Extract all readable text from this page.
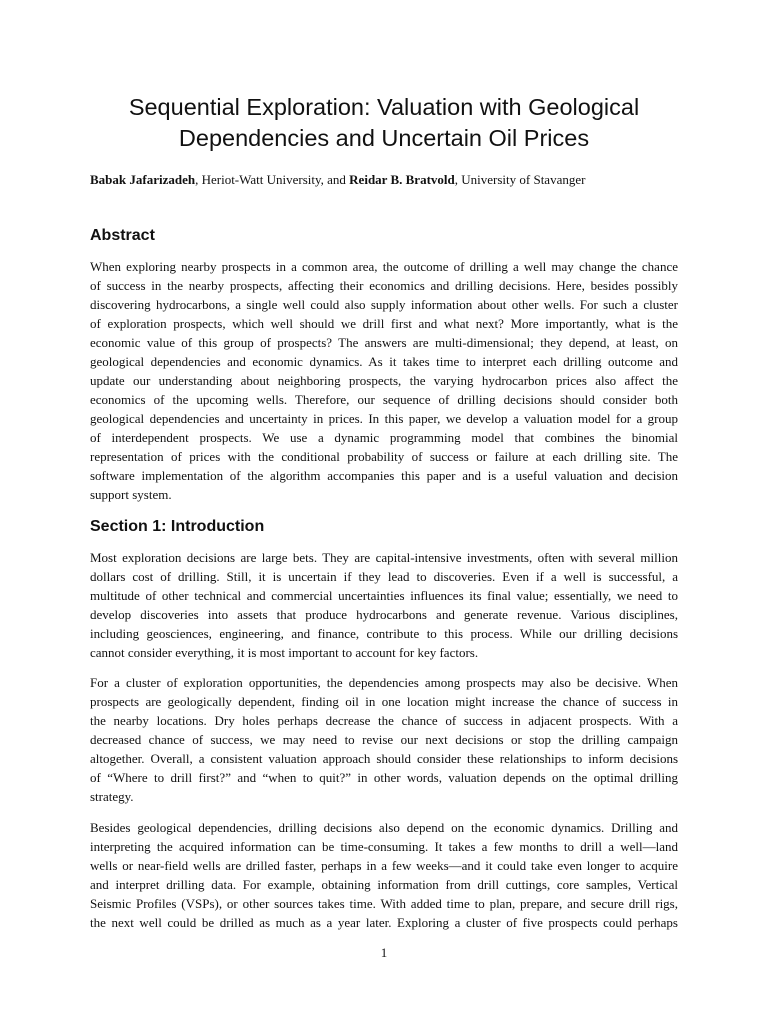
Sequential Exploration: Valuation with Geological
Dependencies and Uncertain Oil Prices

Babak Jafarizadeh, Heriot-Watt University, and Reidar B. Bratvold, University of Stavanger

Abstract
When exploring nearby prospects in a common area, the outcome of drilling a well may change the chance
of success in the nearby prospects, affecting their economics and drilling decisions. Here, besides possibly
discovering hydrocarbons, a single well could also supply information about other wells. For such a cluster
of exploration prospects, which well should we drill first and what next? More importantly, what is the
economic value of this group of prospects? The answers are multi-dimensional; they depend, at least, on
geological dependencies and economic dynamics. As it takes time to interpret each drilling outcome and
update our understanding about neighboring prospects, the varying hydrocarbon prices also affect the
economics of the upcoming wells. Therefore, our sequence of drilling decisions should consider both
geological dependencies and uncertainty in prices. In this paper, we develop a valuation model for a group
of interdependent prospects. We use a dynamic programming model that combines the binomial
representation of prices with the conditional probability of success or failure at each drilling site. The
software implementation of the algorithm accompanies this paper and is a useful valuation and decision
support system.
Section 1: Introduction
Most exploration decisions are large bets. They are capital-intensive investments, often with several million
dollars cost of drilling. Still, it is uncertain if they lead to discoveries. Even if a well is successful, a
multitude of other technical and commercial uncertainties influences its final value; essentially, we need to
develop discoveries into assets that produce hydrocarbons and generate revenue. Various disciplines,
including geosciences, engineering, and finance, contribute to this process. While our drilling decisions
cannot consider everything, it is most important to account for key factors.
For a cluster of exploration opportunities, the dependencies among prospects may also be decisive. When
prospects are geologically dependent, finding oil in one location might increase the chance of success in
the nearby locations. Dry holes perhaps decrease the chance of success in adjacent prospects. With a
decreased chance of success, we may need to revise our next decisions or stop the drilling campaign
altogether. Overall, a consistent valuation approach should consider these relationships to inform decisions
of “Where to drill first?” and “when to quit?” in other words, valuation depends on the optimal drilling
strategy.
Besides geological dependencies, drilling decisions also depend on the economic dynamics. Drilling and
interpreting the acquired information can be time-consuming. It takes a few months to drill a well—land
wells or near-field wells are drilled faster, perhaps in a few weeks—and it could take even longer to acquire
and interpret drilling data. For example, obtaining information from drill cuttings, core samples, Vertical
Seismic Profiles (VSPs), or other sources takes time. With added time to plan, prepare, and secure drill rigs,
the next well could be drilled as much as a year later. Exploring a cluster of five prospects could perhaps
1
